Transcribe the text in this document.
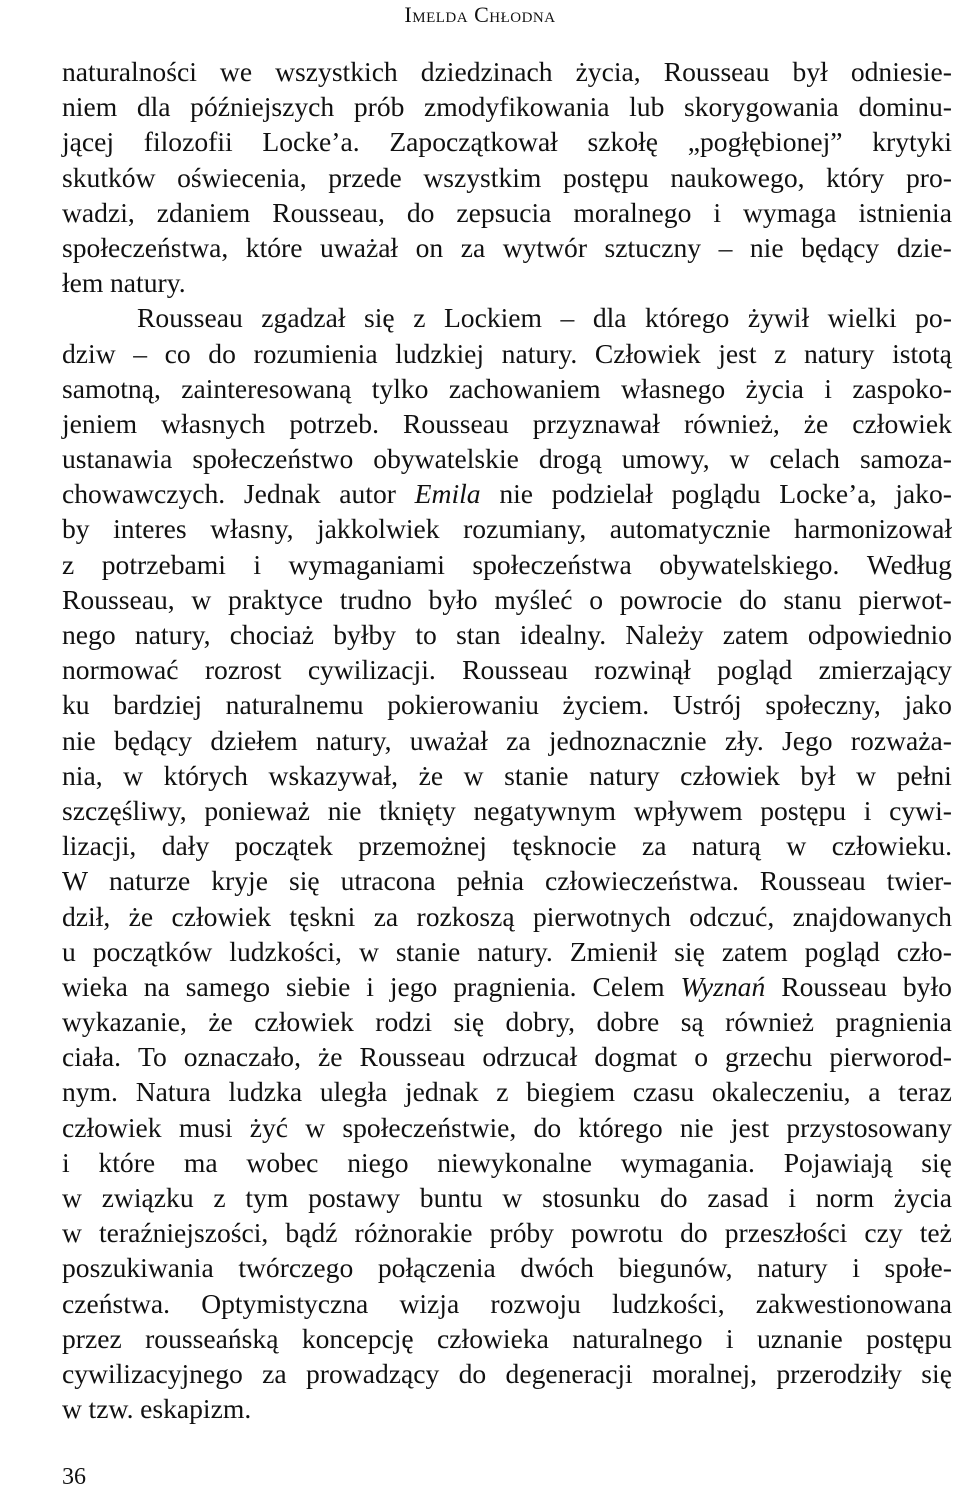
Imelda Chłodna
naturalności we wszystkich dziedzinach życia, Rousseau był odniesie-
niem dla późniejszych prób zmodyfikowania lub skorygowania dominu-
jącej filozofii Locke’a. Zapoczątkował szkołę „pogłębionej” krytyki
skutków oświecenia, przede wszystkim postępu naukowego, który pro-
wadzi, zdaniem Rousseau, do zepsucia moralnego i wymaga istnienia
społeczeństwa, które uważał on za wytwór sztuczny – nie będący dzie-
łem natury.
Rousseau zgadzał się z Lockiem – dla którego żywił wielki po-
dziw – co do rozumienia ludzkiej natury. Człowiek jest z natury istotą
samotną, zainteresowaną tylko zachowaniem własnego życia i zaspoko-
jeniem własnych potrzeb. Rousseau przyznawał również, że człowiek
ustanawia społeczeństwo obywatelskie drogą umowy, w celach samoza-
chowawczych. Jednak autor Emila nie podzielał poglądu Locke’a, jako-
by interes własny, jakkolwiek rozumiany, automatycznie harmonizował
z potrzebami i wymaganiami społeczeństwa obywatelskiego. Według
Rousseau, w praktyce trudno było myśleć o powrocie do stanu pierwot-
nego natury, chociaż byłby to stan idealny. Należy zatem odpowiednio
normować rozrost cywilizacji. Rousseau rozwinął pogląd zmierzający
ku bardziej naturalnemu pokierowaniu życiem. Ustrój społeczny, jako
nie będący dziełem natury, uważał za jednoznacznie zły. Jego rozważa-
nia, w których wskazywał, że w stanie natury człowiek był w pełni
szczęśliwy, ponieważ nie tknięty negatywnym wpływem postępu i cywi-
lizacji, dały początek przemożnej tęsknocie za naturą w człowieku.
W naturze kryje się utracona pełnia człowieczeństwa. Rousseau twier-
dził, że człowiek tęskni za rozkoszą pierwotnych odczuć, znajdowanych
u początków ludzkości, w stanie natury. Zmienił się zatem pogląd czło-
wieka na samego siebie i jego pragnienia. Celem Wyznań Rousseau było
wykazanie, że człowiek rodzi się dobry, dobre są również pragnienia
ciała. To oznaczało, że Rousseau odrzucał dogmat o grzechu pierworod-
nym. Natura ludzka uległa jednak z biegiem czasu okaleczeniu, a teraz
człowiek musi żyć w społeczeństwie, do którego nie jest przystosowany
i które ma wobec niego niewykonalne wymagania. Pojawiają się
w związku z tym postawy buntu w stosunku do zasad i norm życia
w teraźniejszości, bądź różnorakie próby powrotu do przeszłości czy też
poszukiwania twórczego połączenia dwóch biegunów, natury i społe-
czeństwa. Optymistyczna wizja rozwoju ludzkości, zakwestionowana
przez rousseańską koncepcję człowieka naturalnego i uznanie postępu
cywilizacyjnego za prowadzący do degeneracji moralnej, przerodziły się
w tzw. eskapizm.
36
